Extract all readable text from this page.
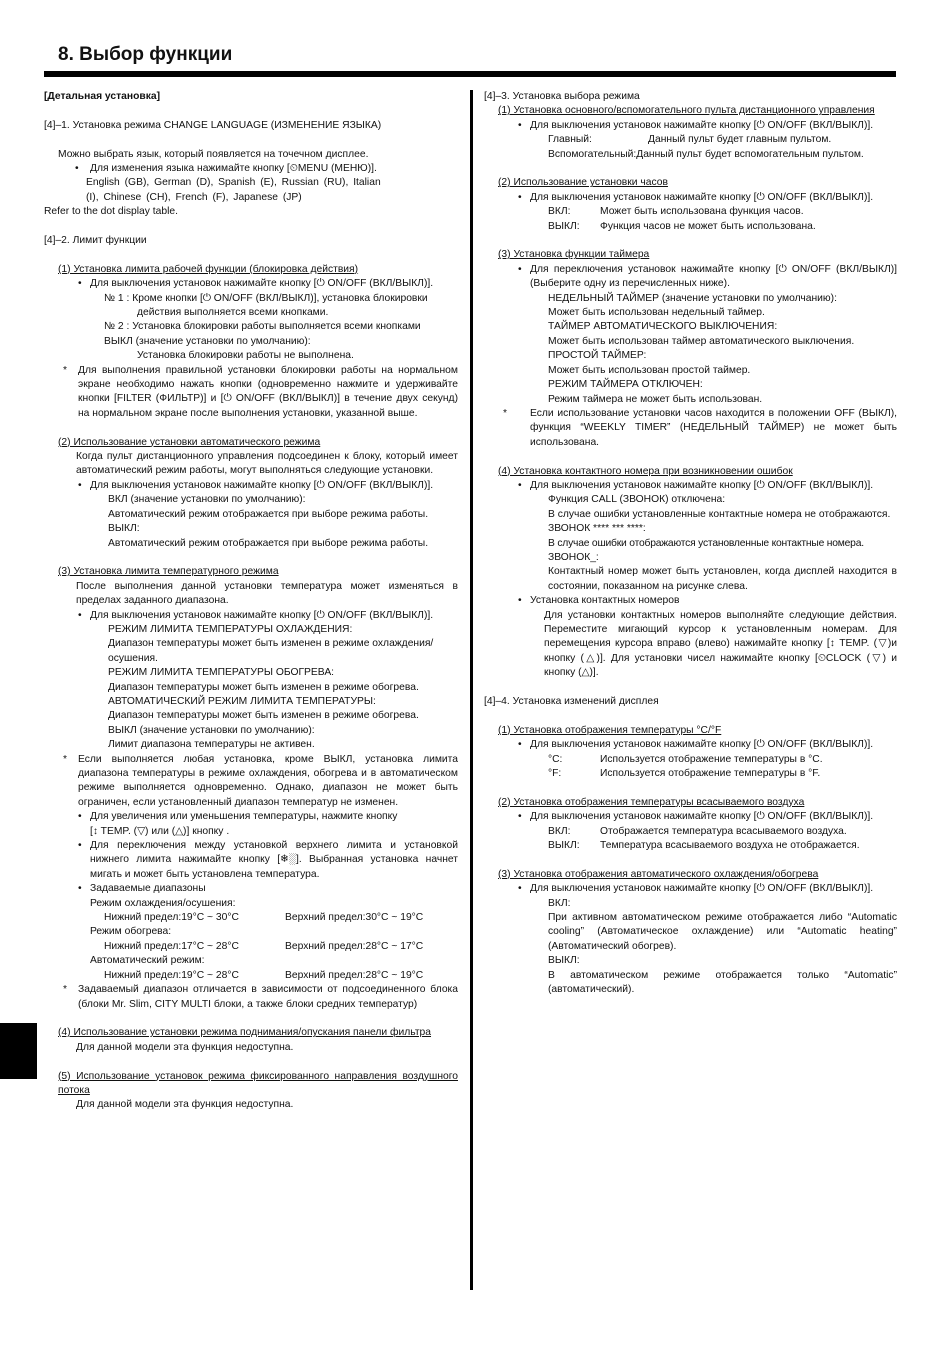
8. Выбор функции

[Детальная установка]

[4]–1. Установка режима CHANGE LANGUAGE (ИЗМЕНЕНИЕ ЯЗЫКА)

Можно выбрать язык, который появляется на точечном дисплее.

• Для изменения языка нажимайте кнопку [⏲MENU (МЕНЮ)].

English (GB), German (D), Spanish (E), Russian (RU), Italian

(I), Chinese (CH), French (F), Japanese (JP)

Refer to the dot display table.

[4]–2. Лимит функции

(1) Установка лимита рабочей функции (блокировка действия)

• Для выключения установок нажимайте кнопку [⏻ ON/OFF (ВКЛ/ВЫКЛ)].

№ 1 : Кроме кнопки [⏻ ON/OFF (ВКЛ/ВЫКЛ)], установка блокировки

действия выполняется всеми кнопками.

№ 2 : Установка блокировки работы выполняется всеми кнопками

ВЫКЛ (значение установки по умолчанию):

Установка блокировки работы не выполнена.

* Для выполнения правильной установки блокировки работы на нормальном экране необходимо нажать кнопки (одновременно нажмите и удерживайте кнопки [FILTER (ФИЛЬТР)] и [⏻ ON/OFF (ВКЛ/ВЫКЛ)] в течение двух секунд) на нормальном экране после выполнения установки, указанной выше.

(2) Использование установки автоматического режима

Когда пульт дистанционного управления подсоединен к блоку, который имеет автоматический режим работы, могут выполняться следующие установки.

• Для выключения установок нажимайте кнопку [⏻ ON/OFF (ВКЛ/ВЫКЛ)].

ВКЛ (значение установки по умолчанию):

Автоматический режим отображается при выборе режима работы.

ВЫКЛ:

Автоматический режим отображается при выборе режима работы.

(3) Установка лимита температурного режима

После выполнения данной установки температура может изменяться в пределах заданного диапазона.

• Для выключения установок нажимайте кнопку [⏻ ON/OFF (ВКЛ/ВЫКЛ)].

РЕЖИМ ЛИМИТА ТЕМПЕРАТУРЫ ОХЛАЖДЕНИЯ:

Диапазон температуры может быть изменен в режиме охлаждения/осушения.

РЕЖИМ ЛИМИТА ТЕМПЕРАТУРЫ ОБОГРЕВА:

Диапазон температуры может быть изменен в режиме обогрева.

АВТОМАТИЧЕСКИЙ РЕЖИМ ЛИМИТА ТЕМПЕРАТУРЫ:

Диапазон температуры может быть изменен в режиме обогрева.

ВЫКЛ (значение установки по умолчанию):

Лимит диапазона температуры не активен.

* Если выполняется любая установка, кроме ВЫКЛ, установка лимита диапазона температуры в режиме охлаждения, обогрева и в автоматическом режиме выполняется одновременно. Однако, диапазон не может быть ограничен, если установленный диапазон температур не изменен.

• Для увеличения или уменьшения температуры, нажмите кнопку

[↕ TEMP. (▽) или (△)] кнопку .

• Для переключения между установкой верхнего лимита и установкой нижнего лимита нажимайте кнопку [❄░]. Выбранная установка начнет мигать и может быть установлена температура.

• Задаваемые диапазоны

Режим охлаждения/осушения:

Нижний предел:19°C ~ 30°C	Верхний предел:30°C ~ 19°C

Режим обогрева:

Нижний предел:17°C ~ 28°C	Верхний предел:28°C ~ 17°C

Автоматический режим:

Нижний предел:19°C ~ 28°C	Верхний предел:28°C ~ 19°C

* Задаваемый диапазон отличается в зависимости от подсоединенного блока (блоки Mr. Slim, CITY MULTI блоки, а также блоки средних температур)

(4) Использование установки режима поднимания/опускания панели фильтра

Для данной модели эта функция недоступна.

(5) Использование установок режима фиксированного направления воздушного потока

Для данной модели эта функция недоступна.

[4]–3. Установка выбора режима

(1) Установка основного/вспомогательного пульта дистанционного управления

• Для выключения установок нажимайте кнопку [⏻ ON/OFF (ВКЛ/ВЫКЛ)].

Главный:	Данный пульт будет главным пультом.
Вспомогательный: Данный пульт будет вспомогательным пультом.

(2) Использование установки часов

• Для выключения установок нажимайте кнопку [⏻ ON/OFF (ВКЛ/ВЫКЛ)].

ВКЛ:	Может быть использована функция часов.
ВЫКЛ:	Функция часов не может быть использована.

(3) Установка функции таймера

• Для переключения установок нажимайте кнопку [⏻ ON/OFF (ВКЛ/ВЫКЛ)] (Выберите одну из перечисленных ниже).

НЕДЕЛЬНЫЙ ТАЙМЕР (значение установки по умолчанию):

Может быть использован недельный таймер.

ТАЙМЕР АВТОМАТИЧЕСКОГО ВЫКЛЮЧЕНИЯ:

Может быть использован таймер автоматического выключения.

ПРОСТОЙ ТАЙМЕР:

Может быть использован простой таймер.

РЕЖИМ ТАЙМЕРА ОТКЛЮЧЕН:

Режим таймера не может быть использован.

* Если использование установки часов находится в положении OFF (ВЫКЛ), функция “WEEKLY TIMER” (НЕДЕЛЬНЫЙ ТАЙМЕР) не может быть использована.

(4) Установка контактного номера при возникновении ошибок

• Для выключения установок нажимайте кнопку [⏻ ON/OFF (ВКЛ/ВЫКЛ)].

Функция CALL (ЗВОНОК) отключена:

В случае ошибки установленные контактные номера не отображаются.

ЗВОНОК **** *** ****:

В случае ошибки отображаются установленные контактные номера.

ЗВОНОК_:

Контактный номер может быть установлен, когда дисплей находится в состоянии, показанном на рисунке слева.

• Установка контактных номеров

Для установки контактных номеров выполняйте следующие действия. Переместите мигающий курсор к установленным номерам. Для перемещения курсора вправо (влево) нажимайте кнопку [↕ TEMP. (▽)и кнопку (△)]. Для установки чисел нажимайте кнопку [⏲CLOCK (▽) и кнопку (△)].

[4]–4. Установка изменений дисплея

(1) Установка отображения температуры °C/°F

• Для выключения установок нажимайте кнопку [⏻ ON/OFF (ВКЛ/ВЫКЛ)].

°C:	Используется отображение температуры в °C.
°F:	Используется отображение температуры в °F.

(2) Установка отображения температуры всасываемого воздуха

• Для выключения установок нажимайте кнопку [⏻ ON/OFF (ВКЛ/ВЫКЛ)].

ВКЛ:	Отображается температура всасываемого воздуха.
ВЫКЛ:	Температура всасываемого воздуха не отображается.

(3) Установка отображения автоматического охлаждения/обогрева

• Для выключения установок нажимайте кнопку [⏻ ON/OFF (ВКЛ/ВЫКЛ)].

ВКЛ:

При активном автоматическом режиме отображается либо “Automatic cooling” (Автоматическое охлаждение) или “Automatic heating” (Автоматический обогрев).

ВЫКЛ:

В автоматическом режиме отображается только “Automatic” (автоматический).
